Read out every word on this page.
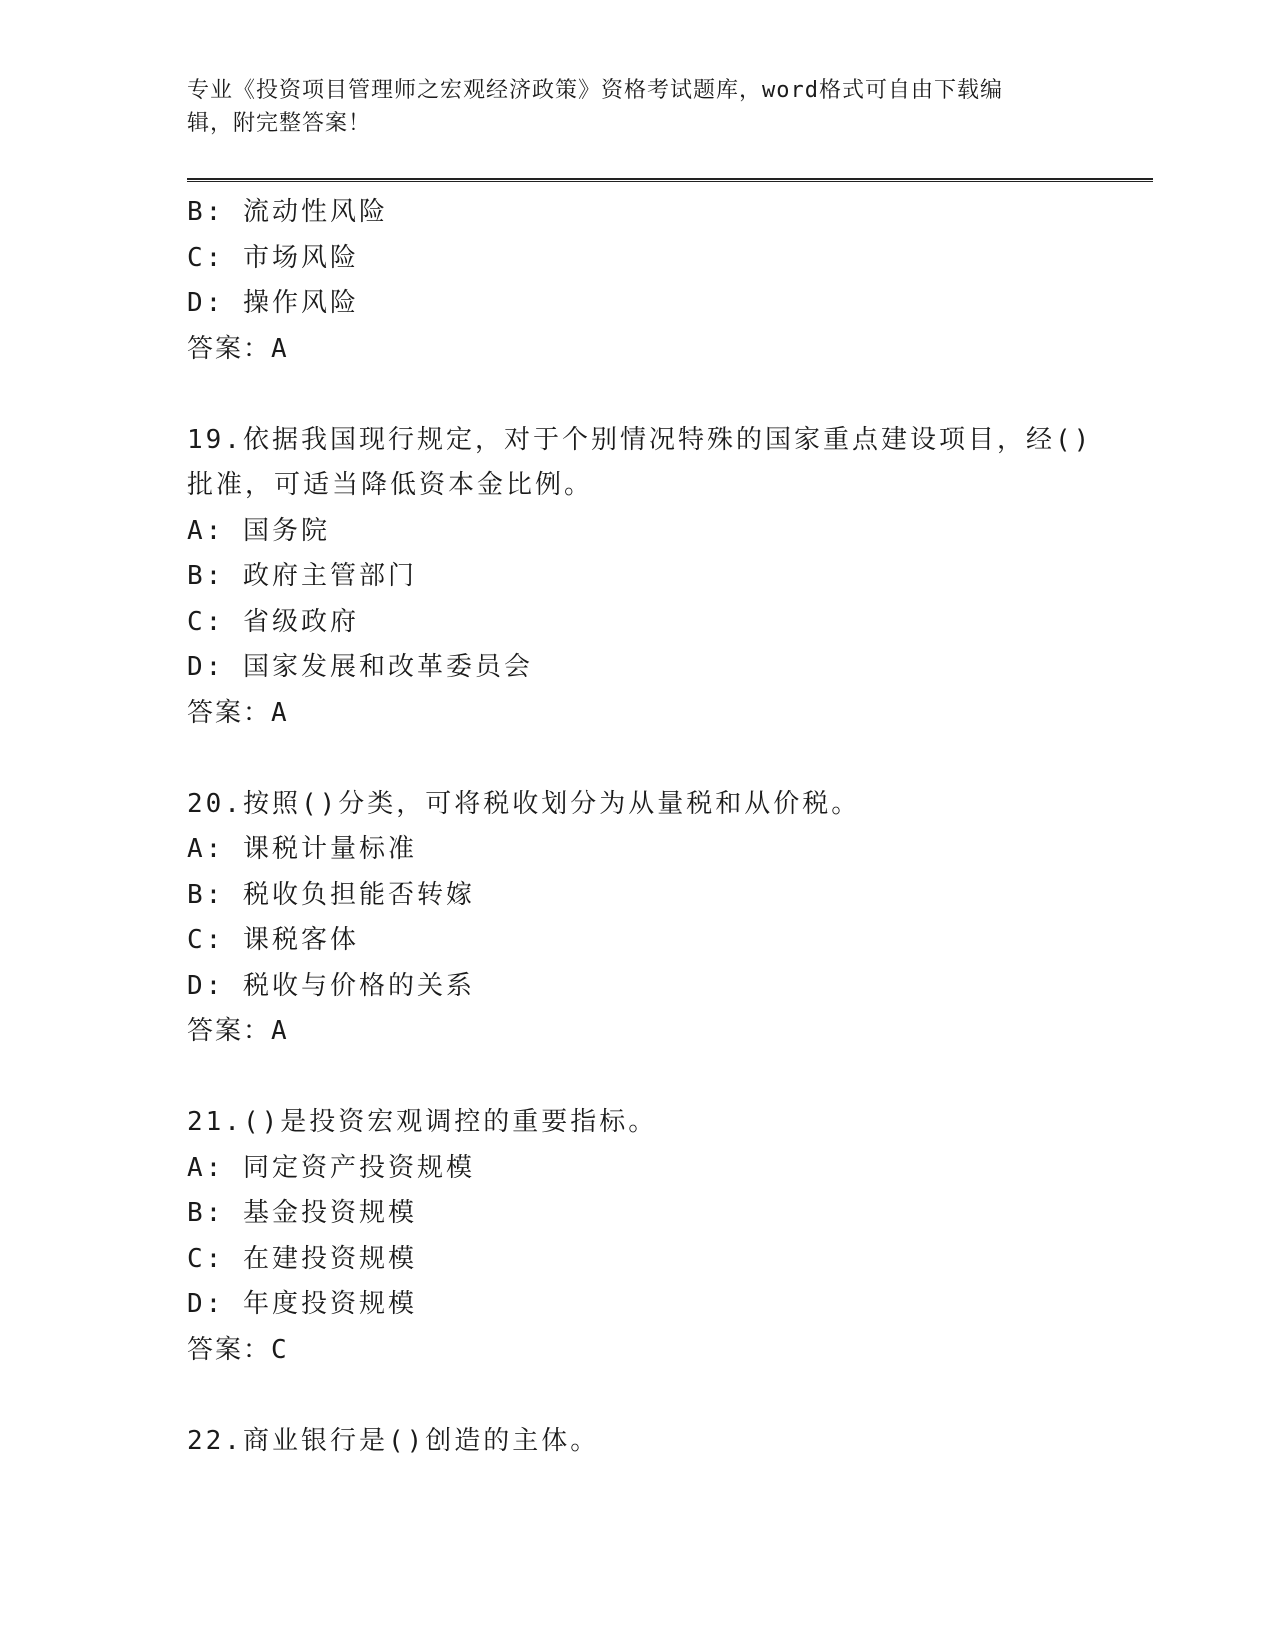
专业《投资项目管理师之宏观经济政策》资格考试题库，word格式可自由下载编
辑，附完整答案！
B: 流动性风险
C: 市场风险
D: 操作风险
答案：A
19.依据我国现行规定，对于个别情况特殊的国家重点建设项目，经()
批准，可适当降低资本金比例。
A: 国务院
B: 政府主管部门
C: 省级政府
D: 国家发展和改革委员会
答案：A
20.按照()分类，可将税收划分为从量税和从价税。
A: 课税计量标准
B: 税收负担能否转嫁
C: 课税客体
D: 税收与价格的关系
答案：A
21.()是投资宏观调控的重要指标。
A: 同定资产投资规模
B: 基金投资规模
C: 在建投资规模
D: 年度投资规模
答案：C
22.商业银行是()创造的主体。
